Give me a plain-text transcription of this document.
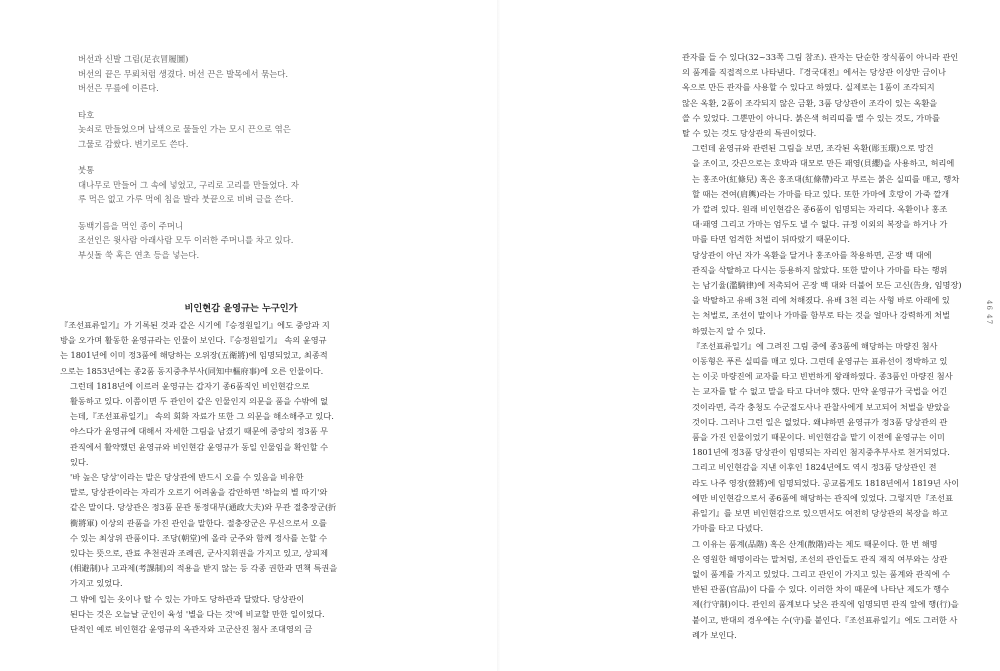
버선과 신발 그림(足衣冒履圖)

버선의 끝은 무뢰처럼 생겼다. 버선 끈은 발목에서 묶는다.

버선은 무릎에 이른다.

타호

놋쇠로 만들었으며 납색으로 물들인 가는 모시 끈으로 엮은

그물로 감쌌다. 변기로도 쓴다.

붓통

대나무로 만들어 그 속에 넣었고, 구리로 고리를 만들었다. 자

루 먹은 없고 가루 먹에 침을 발라 붓끝으로 비벼 글을 쓴다.

동백기름을 먹인 종이 주머니

조선인은 윗사람 아래사람 모두 이러한 주머니를 차고 있다.

부싯돌 쑥 혹은 연초 등을 넣는다.

비인현감 윤영규는 누구인가

『조선표류일기』가 기록된 것과 같은 시기에『승정원일기』에도 중앙과 지
방을 오가며 활동한 윤영규라는 인물이 보인다.『승정원일기』 속의 윤영규
는 1801년에 이미 정3품에 해당하는 오위장(五衛將)에 임명되었고, 최종적
으로는 1853년에는 종2품 동지중추부사(同知中樞府事)에 오른 인물이다.

그런데 1818년에 이르러 윤영규는 갑자기 종6품직인 비인현감으로
활동하고 있다. 이쯤이면 두 관인이 같은 인물인지 의문을 품을 수밖에 없
는데,『조선표류일기』 속의 회화 자료가 또한 그 의문을 해소해주고 있다.
야스다가 윤영규에 대해서 자세한 그림을 남겼기 때문에 중앙의 정3품 무
관직에서 활약했던 윤영규와 비인현감 윤영규가 동일 인물임을 확인할 수
있다.

'바 높은 당상'이라는 말은 당상관에 반드시 오를 수 있음을 비유한
말로, 당상관이라는 자리가 오르기 어려움을 감안하면 '하늘의 별 따기'와
같은 말이다. 당상관은 정3품 문관 통정대부(通政大夫)와 무관 절충장군(折
衝將軍) 이상의 관품을 가진 관인을 말한다. 절충장군은 무신으로서 오를
수 있는 최상위 관품이다. 조당(朝堂)에 올라 군주와 함께 정사를 논할 수
있다는 뜻으로, 관료 추천권과 조례권, 군사지휘권을 가지고 있고, 상피제
(相避制)나 고과제(考課制)의 적용을 받지 않는 등 각종 권한과 면책 특권을
가지고 있었다.

그 밖에 입는 옷이나 탈 수 있는 가마도 당하관과 달랐다. 당상관이
된다는 것은 오늘날 군인이 육성 '별을 다는 것'에 비교할 만한 일이었다.

단적인 예로 비인현감 윤영규의 옥관자와 고군산진 첨사 조대영의 금

관자를 들 수 있다(32~33쪽 그림 참조). 관자는 단순한 장식품이 아니라 관인
의 품계를 직접적으로 나타낸다.『경국대전』에서는 당상관 이상만 금이나
옥으로 만든 관자를 사용할 수 있다고 하였다. 실제로는 1품이 조각되지
않은 옥환, 2품이 조각되지 않은 금환, 3품 당상관이 조각이 있는 옥환을
쓸 수 있었다. 그뿐만이 아니다. 붉은색 허리띠를 맬 수 있는 것도, 가마를
탈 수 있는 것도 당상관의 특권이었다.

그런데 윤영규와 관련된 그림을 보면, 조각된 옥환(彫玉環)으로 망건
을 조이고, 갓끈으로는 호박과 대모로 만든 패영(貝纓)을 사용하고, 허리에
는 홍조아(紅條兒) 혹은 홍조대(紅條帶)라고 부르는 붉은 실띠를 매고, 행차
할 때는 견여(肩輿)라는 가마를 타고 있다. 또한 가마에 호랑이 가죽 깔개
가 깔려 있다. 원래 비인현감은 종6품이 임명되는 자리다. 옥환이나 홍조
대·패영 그리고 가마는 엄두도 낼 수 없다. 규정 이외의 복장을 하거나 가
마를 타면 엄격한 처벌이 뒤따랐기 때문이다.

당상관이 아닌 자가 옥환을 달거나 홍조아를 착용하면, 곤장 백 대에
관직을 삭탈하고 다시는 등용하지 않았다. 또한 말이나 가마를 타는 행위
는 남기율(濫騎律)에 저촉되어 곤장 백 대와 더불어 모든 고신(告身, 임명장)
을 박탈하고 유배 3천 리에 처해졌다. 유배 3천 리는 사형 바로 아래에 있
는 처벌로, 조선이 말이나 가마를 함부로 타는 것을 얼마나 강력하게 처벌
하였는지 알 수 있다.

『조선표류일기』에 그려진 그림 중에 종3품에 해당하는 마량진 첨사
이동형은 푸른 실띠를 매고 있다. 그런데 윤영규는 표류선이 정박하고 있
는 이곳 마량진에 교자를 타고 빈번하게 왕래하였다. 종3품인 마량진 첨사
는 교자를 탈 수 없고 말을 타고 다녀야 했다. 만약 윤영규가 국법을 어긴
것이라면, 즉각 충청도 수군절도사나 관찰사에게 보고되어 처벌을 받았을
것이다. 그러나 그런 일은 없었다. 왜냐하면 윤영규가 정3품 당상관의 관
품을 가진 인물이었기 때문이다. 비인현감을 맡기 이전에 윤영규는 이미
1801년에 정3품 당상관이 임명되는 자리인 첨지중추부사로 천거되었다.

그리고 비인현감을 지낸 이후인 1824년에도 역시 정3품 당상관인 전
라도 나주 영장(營將)에 임명되었다. 공교롭게도 1818년에서 1819년 사이
에만 비인현감으로서 종6품에 해당하는 관직에 있었다. 그렇지만『조선표
류일기』를 보면 비인현감으로 있으면서도 여전히 당상관의 복장을 하고
가마를 타고 다녔다.

그 이유는 품계(品階) 혹은 산계(散階)라는 제도 때문이다. 한 번 해명
은 영원한 해명이라는 말처럼, 조선의 관인들도 관직 재직 여부와는 상관
없이 품계를 가지고 있었다. 그리고 관인이 가지고 있는 품계와 관직에 수
반된 관품(官品)이 다를 수 있다. 이러한 차이 때문에 나타난 제도가 행수
제(行守制)이다. 관인의 품계보다 낮은 관직에 임명되면 관직 앞에 행(行)을
붙이고, 반대의 경우에는 수(守)를 붙인다.『조선표류일기』에도 그러한 사
례가 보인다.

46 47
